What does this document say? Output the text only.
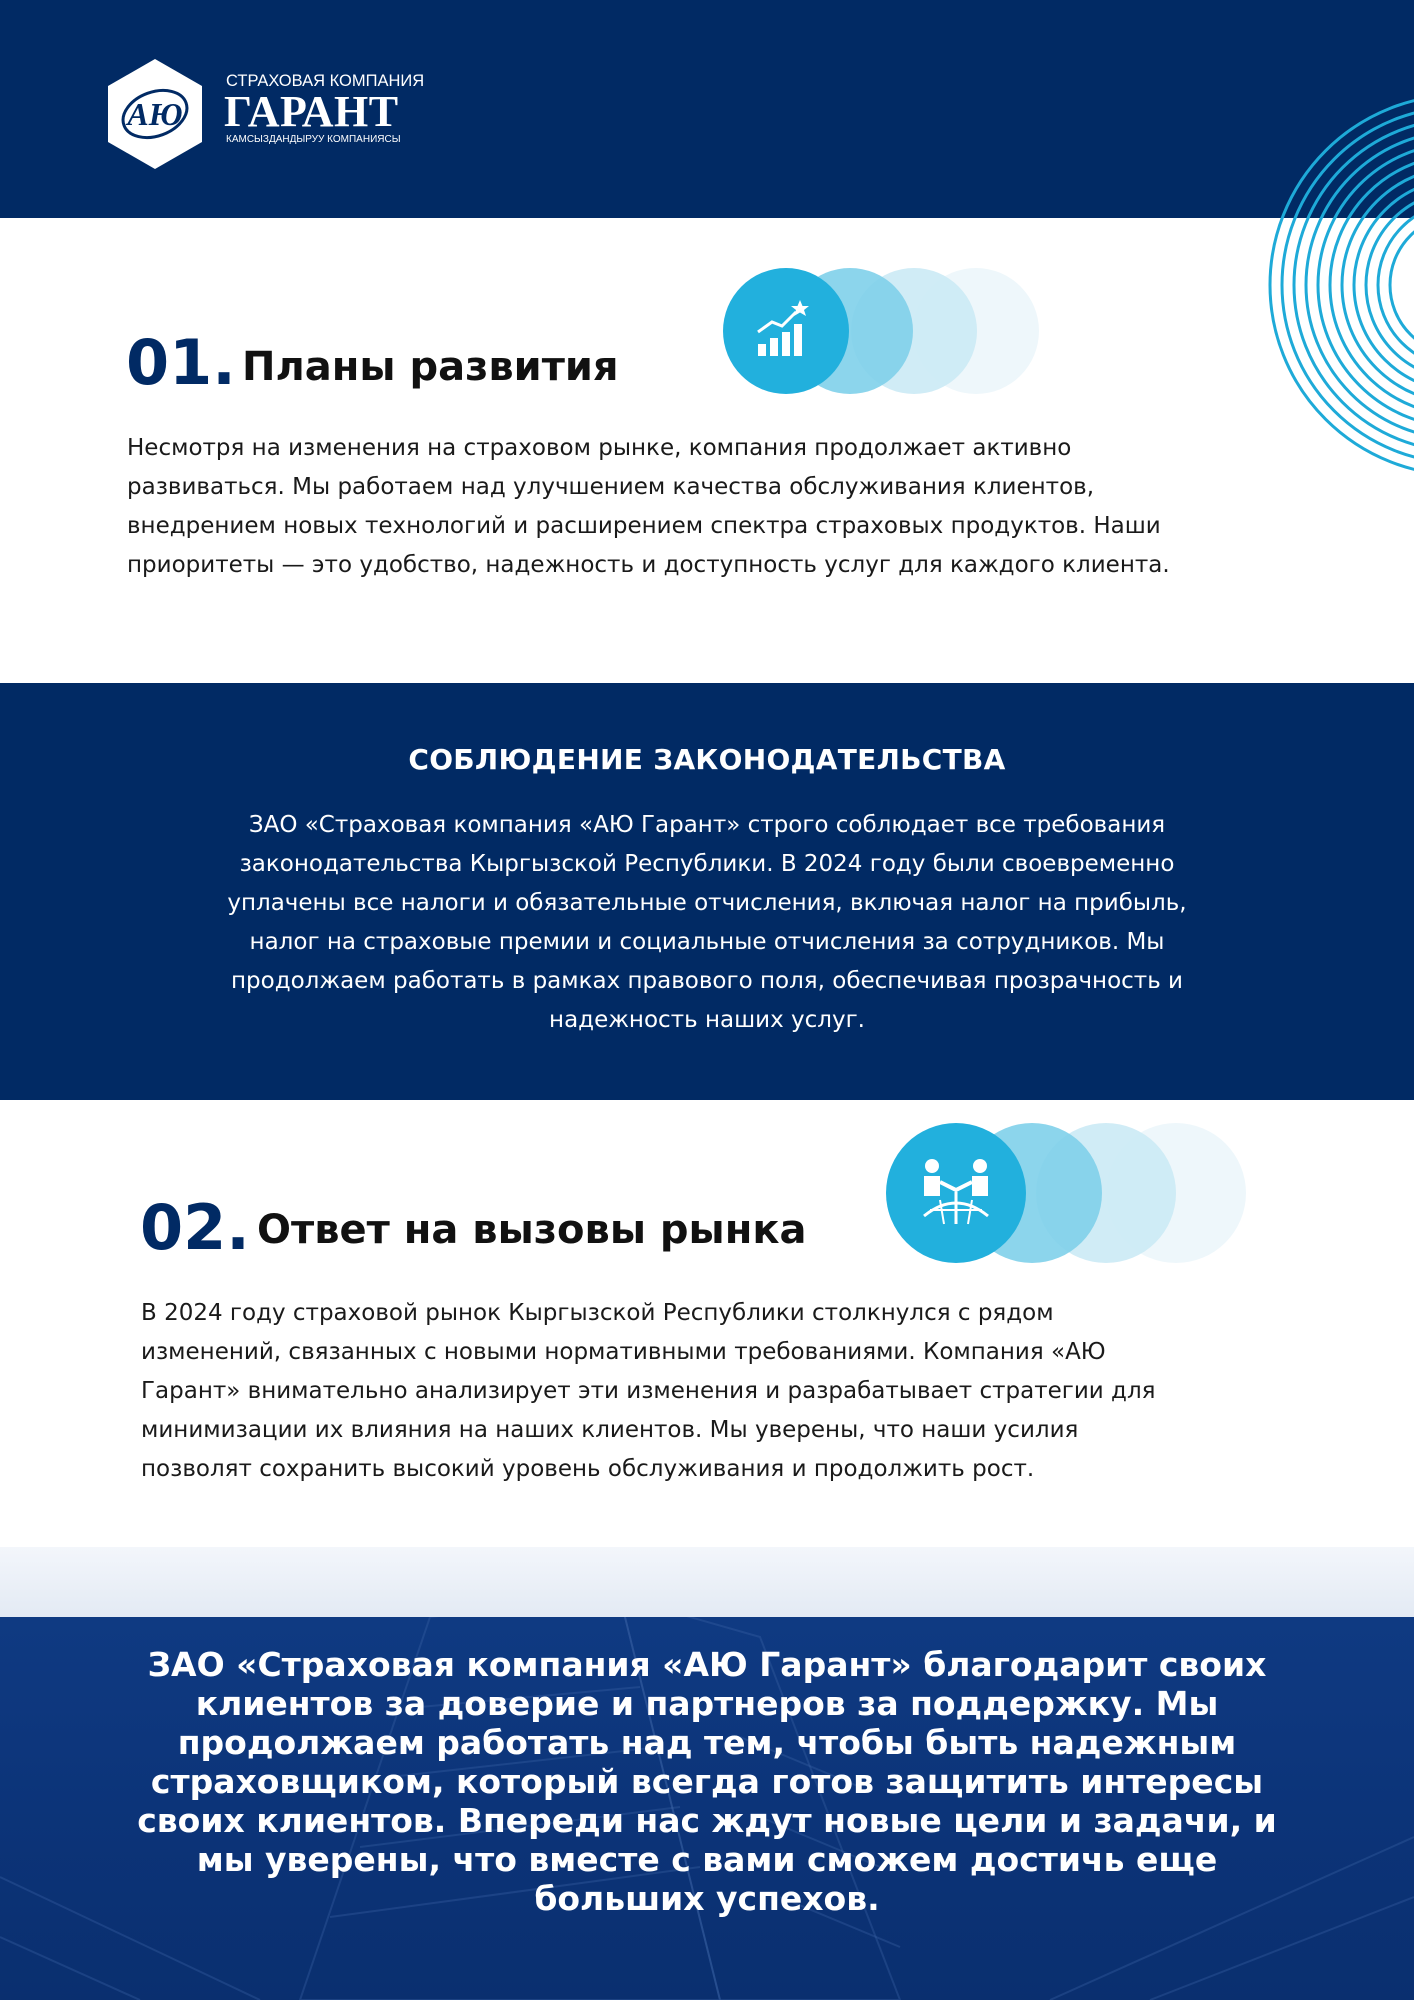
АЮ
СТРАХОВАЯ КОМПАНИЯ
ГАРАНТ
КАМСЫЗДАНДЫРУУ КОМПАНИЯСЫ
01. Планы развития
Несмотря на изменения на страховом рынке, компания продолжает активно
развиваться. Мы работаем над улучшением качества обслуживания клиентов,
внедрением новых технологий и расширением спектра страховых продуктов. Наши
приоритеты — это удобство, надежность и доступность услуг для каждого клиента.
СОБЛЮДЕНИЕ ЗАКОНОДАТЕЛЬСТВА
ЗАО «Страховая компания «АЮ Гарант» строго соблюдает все требования
законодательства Кыргызской Республики. В 2024 году были своевременно
уплачены все налоги и обязательные отчисления, включая налог на прибыль,
налог на страховые премии и социальные отчисления за сотрудников. Мы
продолжаем работать в рамках правового поля, обеспечивая прозрачность и
надежность наших услуг.
02. Ответ на вызовы рынка
В 2024 году страховой рынок Кыргызской Республики столкнулся с рядом
изменений, связанных с новыми нормативными требованиями. Компания «АЮ
Гарант» внимательно анализирует эти изменения и разрабатывает стратегии для
минимизации их влияния на наших клиентов. Мы уверены, что наши усилия
позволят сохранить высокий уровень обслуживания и продолжить рост.
ЗАО «Страховая компания «АЮ Гарант» благодарит своих
клиентов за доверие и партнеров за поддержку. Мы
продолжаем работать над тем, чтобы быть надежным
страховщиком, который всегда готов защитить интересы
своих клиентов. Впереди нас ждут новые цели и задачи, и
мы уверены, что вместе с вами сможем достичь еще
больших успехов.
